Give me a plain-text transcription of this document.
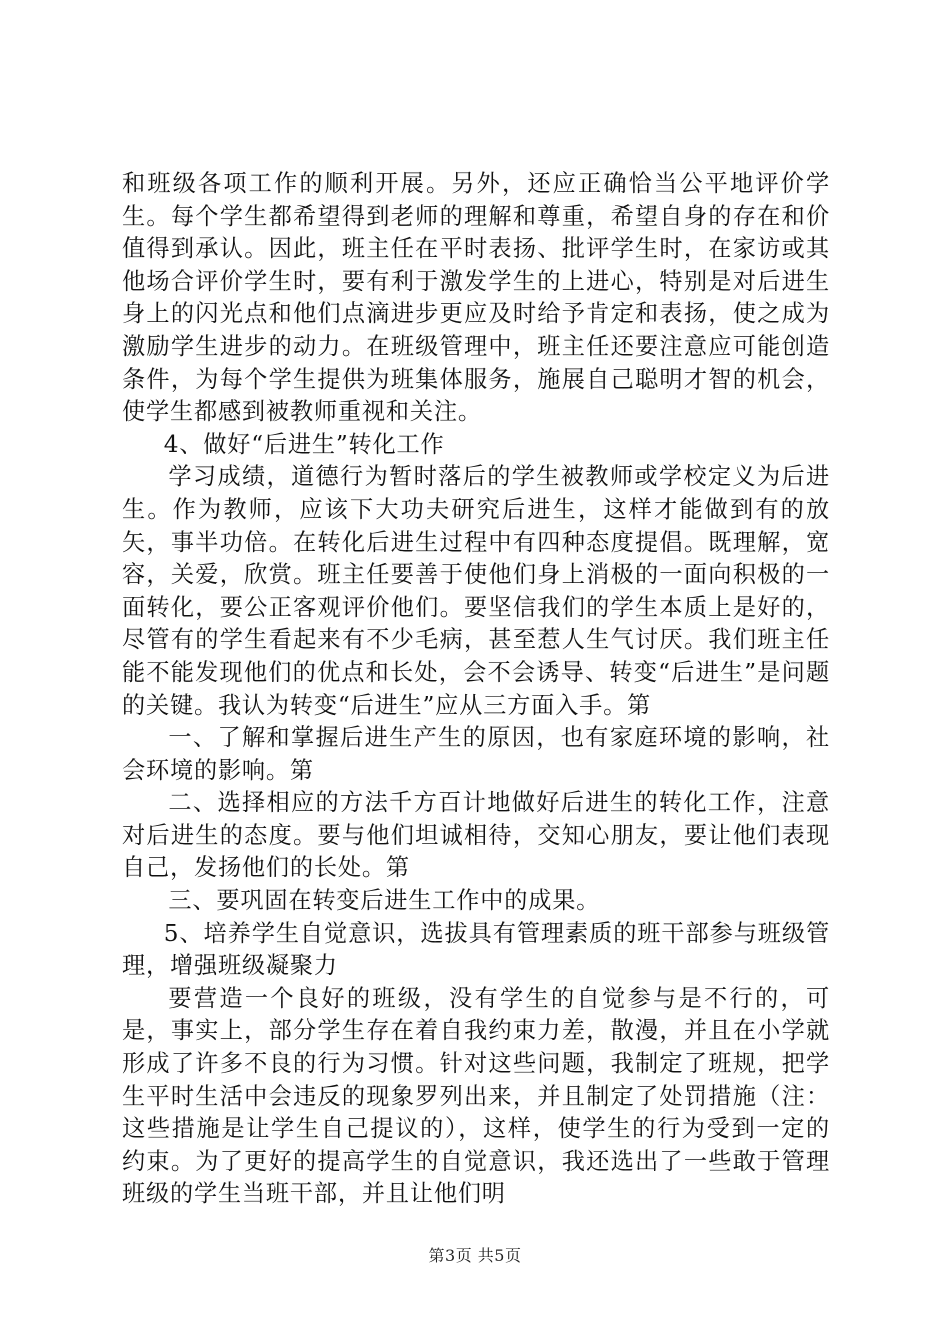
和班级各项工作的顺利开展。另外，还应正确恰当公平地评价学生。每个学生都希望得到老师的理解和尊重，希望自身的存在和价值得到承认。因此，班主任在平时表扬、批评学生时，在家访或其他场合评价学生时，要有利于激发学生的上进心，特别是对后进生身上的闪光点和他们点滴进步更应及时给予肯定和表扬，使之成为激励学生进步的动力。在班级管理中，班主任还要注意应可能创造条件，为每个学生提供为班集体服务，施展自己聪明才智的机会，使学生都感到被教师重视和关注。

4、做好“后进生”转化工作

学习成绩，道德行为暂时落后的学生被教师或学校定义为后进生。作为教师，应该下大功夫研究后进生，这样才能做到有的放矢，事半功倍。在转化后进生过程中有四种态度提倡。既理解，宽容，关爱，欣赏。班主任要善于使他们身上消极的一面向积极的一面转化，要公正客观评价他们。要坚信我们的学生本质上是好的，尽管有的学生看起来有不少毛病，甚至惹人生气讨厌。我们班主任能不能发现他们的优点和长处，会不会诱导、转变“后进生”是问题的关键。我认为转变“后进生”应从三方面入手。第

一、了解和掌握后进生产生的原因，也有家庭环境的影响，社会环境的影响。第

二、选择相应的方法千方百计地做好后进生的转化工作，注意对后进生的态度。要与他们坦诚相待，交知心朋友，要让他们表现自己，发扬他们的长处。第

三、要巩固在转变后进生工作中的成果。

5、培养学生自觉意识，选拔具有管理素质的班干部参与班级管理，增强班级凝聚力

要营造一个良好的班级，没有学生的自觉参与是不行的，可是，事实上，部分学生存在着自我约束力差，散漫，并且在小学就形成了许多不良的行为习惯。针对这些问题，我制定了班规，把学生平时生活中会违反的现象罗列出来，并且制定了处罚措施（注：这些措施是让学生自己提议的），这样，使学生的行为受到一定的约束。为了更好的提高学生的自觉意识，我还选出了一些敢于管理班级的学生当班干部，并且让他们明

第3页 共5页
